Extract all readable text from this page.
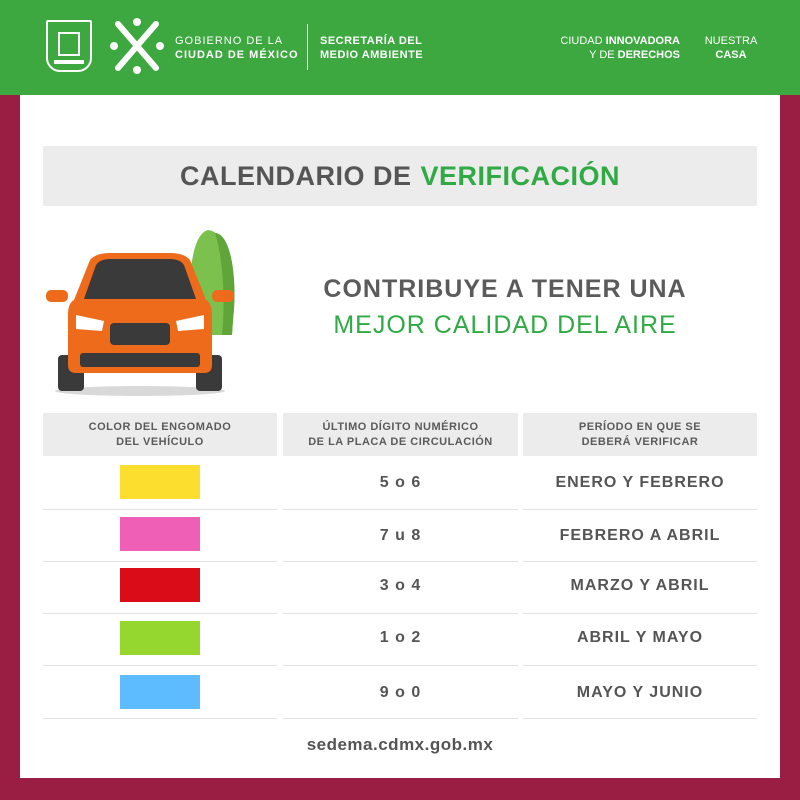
GOBIERNO DE LA
CIUDAD DE MÉXICO
SECRETARÍA DEL
MEDIO AMBIENTE
CIUDAD INNOVADORA
Y DE DERECHOS
NUESTRA
CASA
CALENDARIO DE VERIFICACIÓN
CONTRIBUYE A TENER UNA
MEJOR CALIDAD DEL AIRE
COLOR DEL ENGOMADO
DEL VEHÍCULO
ÚLTIMO DÍGITO NUMÉRICO
DE LA PLACA DE CIRCULACIÓN
PERÍODO EN QUE SE
DEBERÁ VERIFICAR
5 o 6	ENERO Y FEBRERO
7 u 8	FEBRERO A ABRIL
3 o 4	MARZO Y ABRIL
1 o 2	ABRIL Y MAYO
9 o 0	MAYO Y JUNIO
sedema.cdmx.gob.mx
